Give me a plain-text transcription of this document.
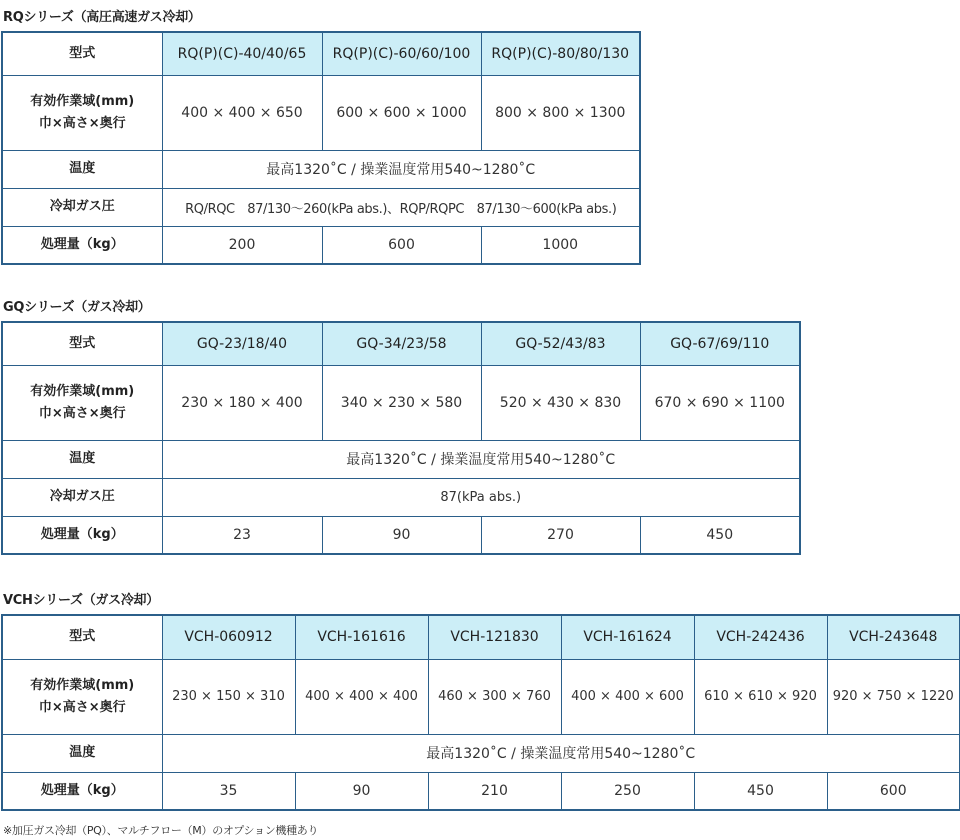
RQシリーズ（高圧高速ガス冷却）
型式	RQ(P)(C)-40/40/65	RQ(P)(C)-60/60/100	RQ(P)(C)-80/80/130

有効作業域(mm)
巾×高さ×奥行	400 × 400 × 650	600 × 600 × 1000	800 × 800 × 1300
温度	最高1320˚C / 操業温度常用540~1280˚C		
冷却ガス圧	RQ/RQC　87/130〜260(kPa abs.)、RQP/RQPC　87/130〜600(kPa abs.)		
処理量（kg）	200	600	1000
GQシリーズ（ガス冷却）
型式	GQ-23/18/40	GQ-34/23/58	GQ-52/43/83	GQ-67/69/110

有効作業域(mm)
巾×高さ×奥行	230 × 180 × 400	340 × 230 × 580	520 × 430 × 830	670 × 690 × 1100
温度	最高1320˚C / 操業温度常用540~1280˚C			
冷却ガス圧	87(kPa abs.)			
処理量（kg）	23	90	270	450
VCHシリーズ（ガス冷却）
型式	VCH-060912	VCH-161616	VCH-121830	VCH-161624	VCH-242436	VCH-243648

有効作業域(mm)
巾×高さ×奥行	230 × 150 × 310	400 × 400 × 400	460 × 300 × 760	400 × 400 × 600	610 × 610 × 920	920 × 750 × 1220
温度	最高1320˚C / 操業温度常用540~1280˚C					
処理量（kg）	35	90	210	250	450	600
※加圧ガス冷却（PQ）、マルチフロー（M）のオプション機種あり
